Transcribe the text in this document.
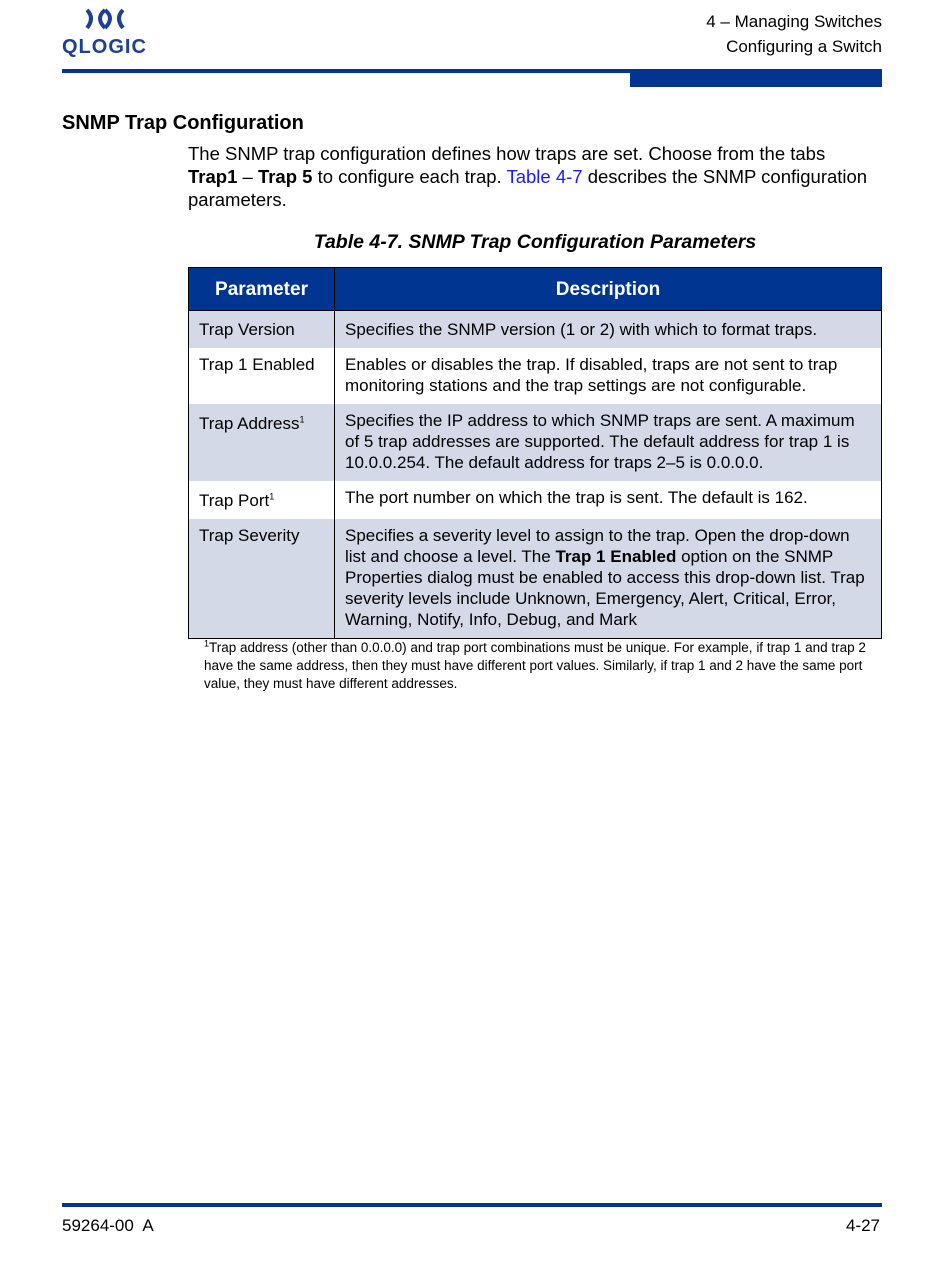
QLOGIC
4 – Managing Switches
Configuring a Switch
SNMP Trap Configuration
The SNMP trap configuration defines how traps are set. Choose from the tabs Trap1 – Trap 5 to configure each trap. Table 4-7 describes the SNMP configuration parameters.
Table 4-7. SNMP Trap Configuration Parameters
Parameter	Description
Trap Version	Specifies the SNMP version (1 or 2) with which to format traps.
Trap 1 Enabled	Enables or disables the trap. If disabled, traps are not sent to trap monitoring stations and the trap settings are not configurable.
Trap Address$^1$	Specifies the IP address to which SNMP traps are sent. A maximum of 5 trap addresses are supported. The default address for trap 1 is 10.0.0.254. The default address for traps 2–5 is 0.0.0.0.
Trap Port$^1$	The port number on which the trap is sent. The default is 162.
Trap Severity	Specifies a severity level to assign to the trap. Open the drop-down list and choose a level. The Trap 1 Enabled option on the SNMP Properties dialog must be enabled to access this drop-down list. Trap severity levels include Unknown, Emergency, Alert, Critical, Error, Warning, Notify, Info, Debug, and Mark
$^1$Trap address (other than 0.0.0.0) and trap port combinations must be unique. For example, if trap 1 and trap 2 have the same address, then they must have different port values. Similarly, if trap 1 and 2 have the same port value, they must have different addresses.
59264-00  A	4-27
